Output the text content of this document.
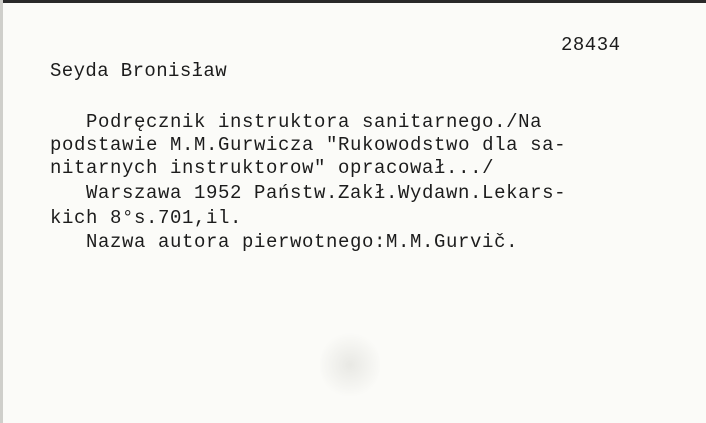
28434
Seyda Bronisław
Podręcznik instruktora sanitarnego./Na
podstawie M.M.Gurwicza "Rukowodstwo dla sa-
nitarnych instruktorow" opracował.../
Warszawa 1952 Państw.Zakł.Wydawn.Lekars-
kich 8°s.701,il.
Nazwa autora pierwotnego:M.M.Gurvič.
